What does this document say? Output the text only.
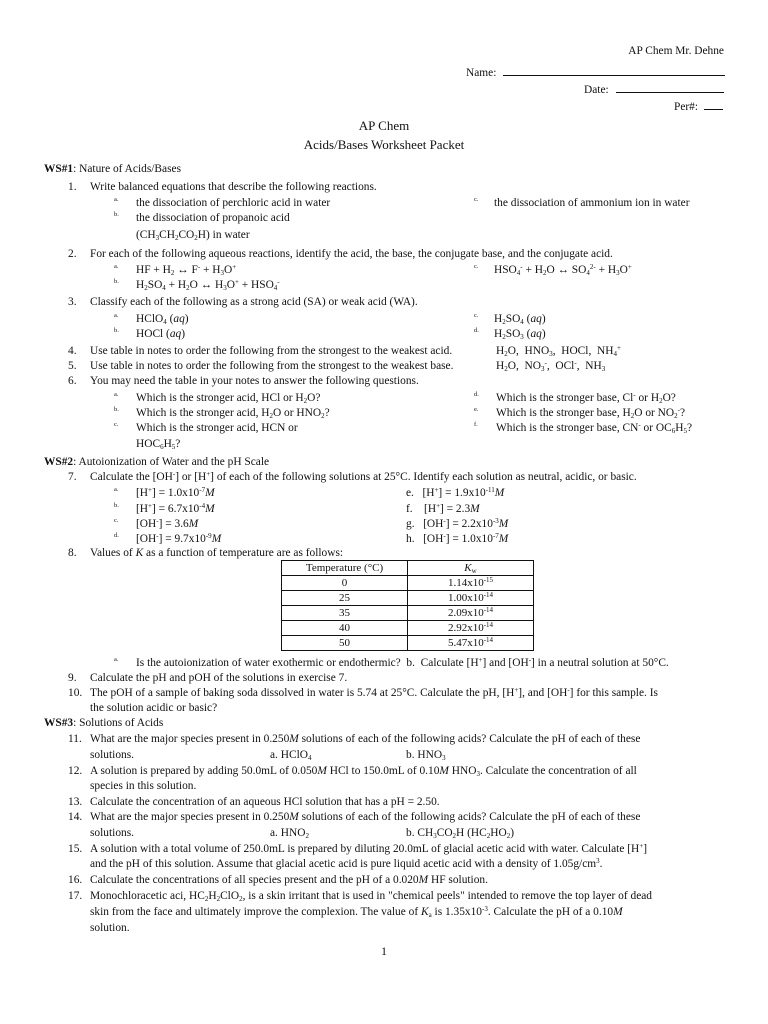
AP Chem Mr. Dehne
Name:
Date:
Per#:
AP Chem
Acids/Bases Worksheet Packet
WS#1: Nature of Acids/Bases
1. Write balanced equations that describe the following reactions.
$^{a.}$ the dissociation of perchloric acid in water
$^{b.}$ the dissociation of propanoic acid
$(CH_3CH_2CO_2H)$ in water
$^{c.}$ the dissociation of ammonium ion in water
2. For each of the following aqueous reactions, identify the acid, the base, the conjugate base, and the conjugate acid.
$^{a.}$ HF + $H_2$ ↔ $F^- + H_3O^+$
$^{b.}$ $H_2SO_4 + H_2O$ ↔ $H_3O^+ + HSO_4^-$
$^{c.}$ $HSO_4^- + H_2O$ ↔ $SO_4^{2-} + H_3O^+$
3. Classify each of the following as a strong acid (SA) or weak acid (WA).
$^{a.}$ HClO$_4$ (aq)
$^{b.}$ HOCl (aq)
$^{c.}$ $H_2SO_4$ (aq)
$^{d.}$ $H_2SO_3$ (aq)
4. Use table in notes to order the following from the strongest to the weakest acid.	$H_2O$,  $HNO_3$,  HOCl,  $NH_4^+$
5. Use table in notes to order the following from the strongest to the weakest base.	$H_2O$,  $NO_3^-$,  OCl-,  $NH_3$
6. You may need the table in your notes to answer the following questions.
$^{a.}$ Which is the stronger acid, HCl or $H_2O$?
$^{b.}$ Which is the stronger acid, $H_2O$ or $HNO_2$?
$^{c.}$ Which is the stronger acid, HCN or
$HOC_6H_5$?
$^{d.}$ Which is the stronger base, Cl- or $H_2O$?
$^{e.}$ Which is the stronger base, $H_2O$ or $NO_2^-$?
$^{f.}$ Which is the stronger base, CN- or $OC_6H_5$?
WS#2: Autoionization of Water and the pH Scale
7. Calculate the [OH-] or [H+] of each of the following solutions at 25°C. Identify each solution as neutral, acidic, or basic.
$^{a.}$ $[H^+] = 1.0x10^{-7}M$
$^{b.}$ $[H^+] = 6.7x10^{-4}M$
$^{c.}$ [OH-] = 3.6M
$^{d.}$ $[OH^-] = 9.7x10^{-9}M$
e.   $[H^+] = 1.9x10^{-11}M$
f.    [H+] = 2.3M
g.   $[OH^-] = 2.2x10^{-3}M$
h.   $[OH^-] = 1.0x10^{-7}M$
8. Values of K as a function of temperature are as follows:
Temperature (°C)	$K_w$
0	$1.14x10^{-15}$
25	$1.00x10^{-14}$
35	$2.09x10^{-14}$
40	$2.92x10^{-14}$
50	$5.47x10^{-14}$
$^{a.}$ Is the autoionization of water exothermic or endothermic?  b.  Calculate [H+] and [OH-] in a neutral solution at 50°C.
9. Calculate the pH and pOH of the solutions in exercise 7.
10. The pOH of a sample of baking soda dissolved in water is 5.74 at 25°C. Calculate the pH, [H+], and [OH-] for this sample. Is
the solution acidic or basic?
WS#3: Solutions of Acids
11. What are the major species present in 0.250M solutions of each of the following acids? Calculate the pH of each of these
solutions.	a. HClO$_4$	b. $HNO_3$
12. A solution is prepared by adding 50.0mL of 0.050M HCl to 150.0mL of 0.10M $HNO_3$. Calculate the concentration of all
species in this solution.
13. Calculate the concentration of an aqueous HCl solution that has a pH = 2.50.
14. What are the major species present in 0.250M solutions of each of the following acids? Calculate the pH of each of these
solutions.	a. $HNO_2$	b. $CH_3CO_2H$ $(HC_2HO_2)$
15. A solution with a total volume of 250.0mL is prepared by diluting 20.0mL of glacial acetic acid with water. Calculate [H+]
and the pH of this solution. Assume that glacial acetic acid is pure liquid acetic acid with a density of $1.05g/cm^3$.
16. Calculate the concentrations of all species present and the pH of a 0.020M HF solution.
17. Monochloracetic aci, $HC_2H_2ClO_2$, is a skin irritant that is used in "chemical peels" intended to remove the top layer of dead
skin from the face and ultimately improve the complexion. The value of $K_a$ is $1.35x10^{-3}$. Calculate the pH of a 0.10M
solution.
1
